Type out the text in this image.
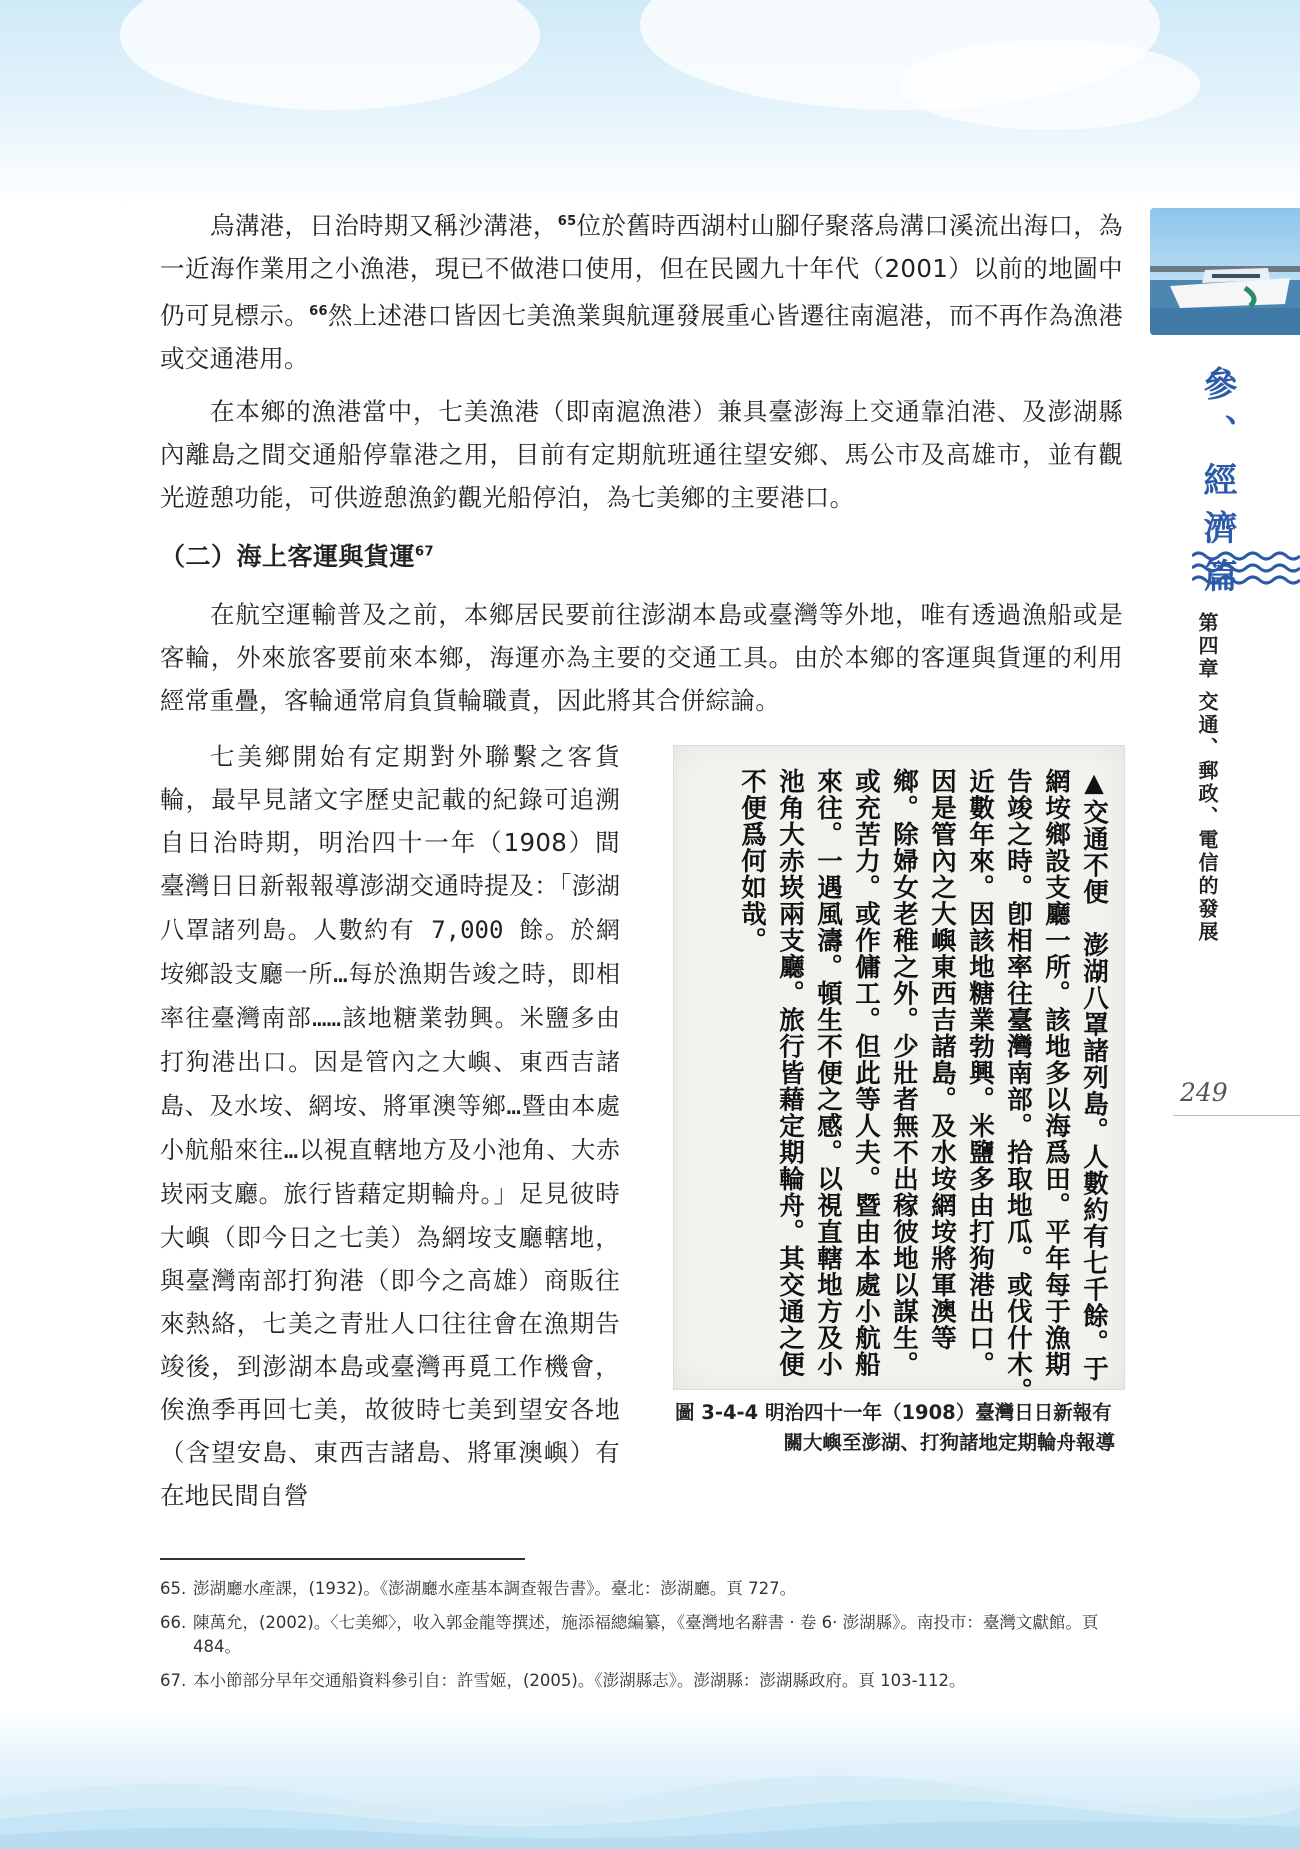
參、經濟篇
第四章 交通、郵政、電信的發展
249

烏溝港，日治時期又稱沙溝港，$^{65}$位於舊時西湖村山腳仔聚落烏溝口溪流出海口，為一近海作業用之小漁港，現已不做港口使用，但在民國九十年代（2001）以前的地圖中仍可見標示。$^{66}$然上述港口皆因七美漁業與航運發展重心皆遷往南滬港，而不再作為漁港或交通港用。

在本鄉的漁港當中，七美漁港（即南滬漁港）兼具臺澎海上交通靠泊港、及澎湖縣內離島之間交通船停靠港之用，目前有定期航班通往望安鄉、馬公市及高雄市，並有觀光遊憩功能，可供遊憩漁釣觀光船停泊，為七美鄉的主要港口。

（二）海上客運與貨運$^{67}$

在航空運輸普及之前，本鄉居民要前往澎湖本島或臺灣等外地，唯有透過漁船或是客輪，外來旅客要前來本鄉，海運亦為主要的交通工具。由於本鄉的客運與貨運的利用經常重疊，客輪通常肩負貨輪職責，因此將其合併綜論。

七美鄉開始有定期對外聯繫之客貨輪，最早見諸文字歷史記載的紀錄可追溯自日治時期，明治四十一年（1908）間臺灣日日新報報導澎湖交通時提及：「澎湖八罩諸列島。人數約有 7,000 餘。於網垵鄉設支廳一所…每於漁期告竣之時，即相率往臺灣南部……該地糖業勃興。米鹽多由打狗港出口。因是管內之大嶼、東西吉諸島、及水垵、網垵、將軍澳等鄉…暨由本處小航船來往…以視直轄地方及小池角、大赤崁兩支廳。旅行皆藉定期輪舟。」足見彼時大嶼（即今日之七美）為網垵支廳轄地，與臺灣南部打狗港（即今之高雄）商販往來熱絡，七美之青壯人口往往會在漁期告竣後，到澎湖本島或臺灣再覓工作機會，俟漁季再回七美，故彼時七美到望安各地（含望安島、東西吉諸島、將軍澳嶼）有在地民間自營

▲交通不便　澎湖八罩諸列島。人數約有七千餘。于
網垵鄉設支廳一所。該地多以海爲田。平年每于漁期
告竣之時。卽相率往臺灣南部。拾取地瓜。或伐什木。
近數年來。因該地糖業勃興。米鹽多由打狗港出口。
因是管內之大嶼東西吉諸島。及水垵網垵將軍澳等
鄉。除婦女老稚之外。少壯者無不出稼彼地以謀生。
或充苦力。或作傭工。但此等人夫。暨由本處小航船
來往。一遇風濤。頓生不便之感。以視直轄地方及小
池角大赤崁兩支廳。旅行皆藉定期輪舟。其交通之便
不便爲何如哉。
圖 3-4-4 明治四十一年（1908）臺灣日日新報有
關大嶼至澎湖、打狗諸地定期輪舟報導
65. 澎湖廳水產課，(1932)。《澎湖廳水產基本調查報告書》。臺北：澎湖廳。頁 727。
66. 陳萬允，(2002)。〈七美鄉〉，收入郭金龍等撰述，施添福總編纂，《臺灣地名辭書 ‧ 卷 6‧ 澎湖縣》。南投市：臺灣文獻館。頁 484。
67. 本小節部分早年交通船資料參引自：許雪姬，(2005)。《澎湖縣志》。澎湖縣：澎湖縣政府。頁 103-112。
